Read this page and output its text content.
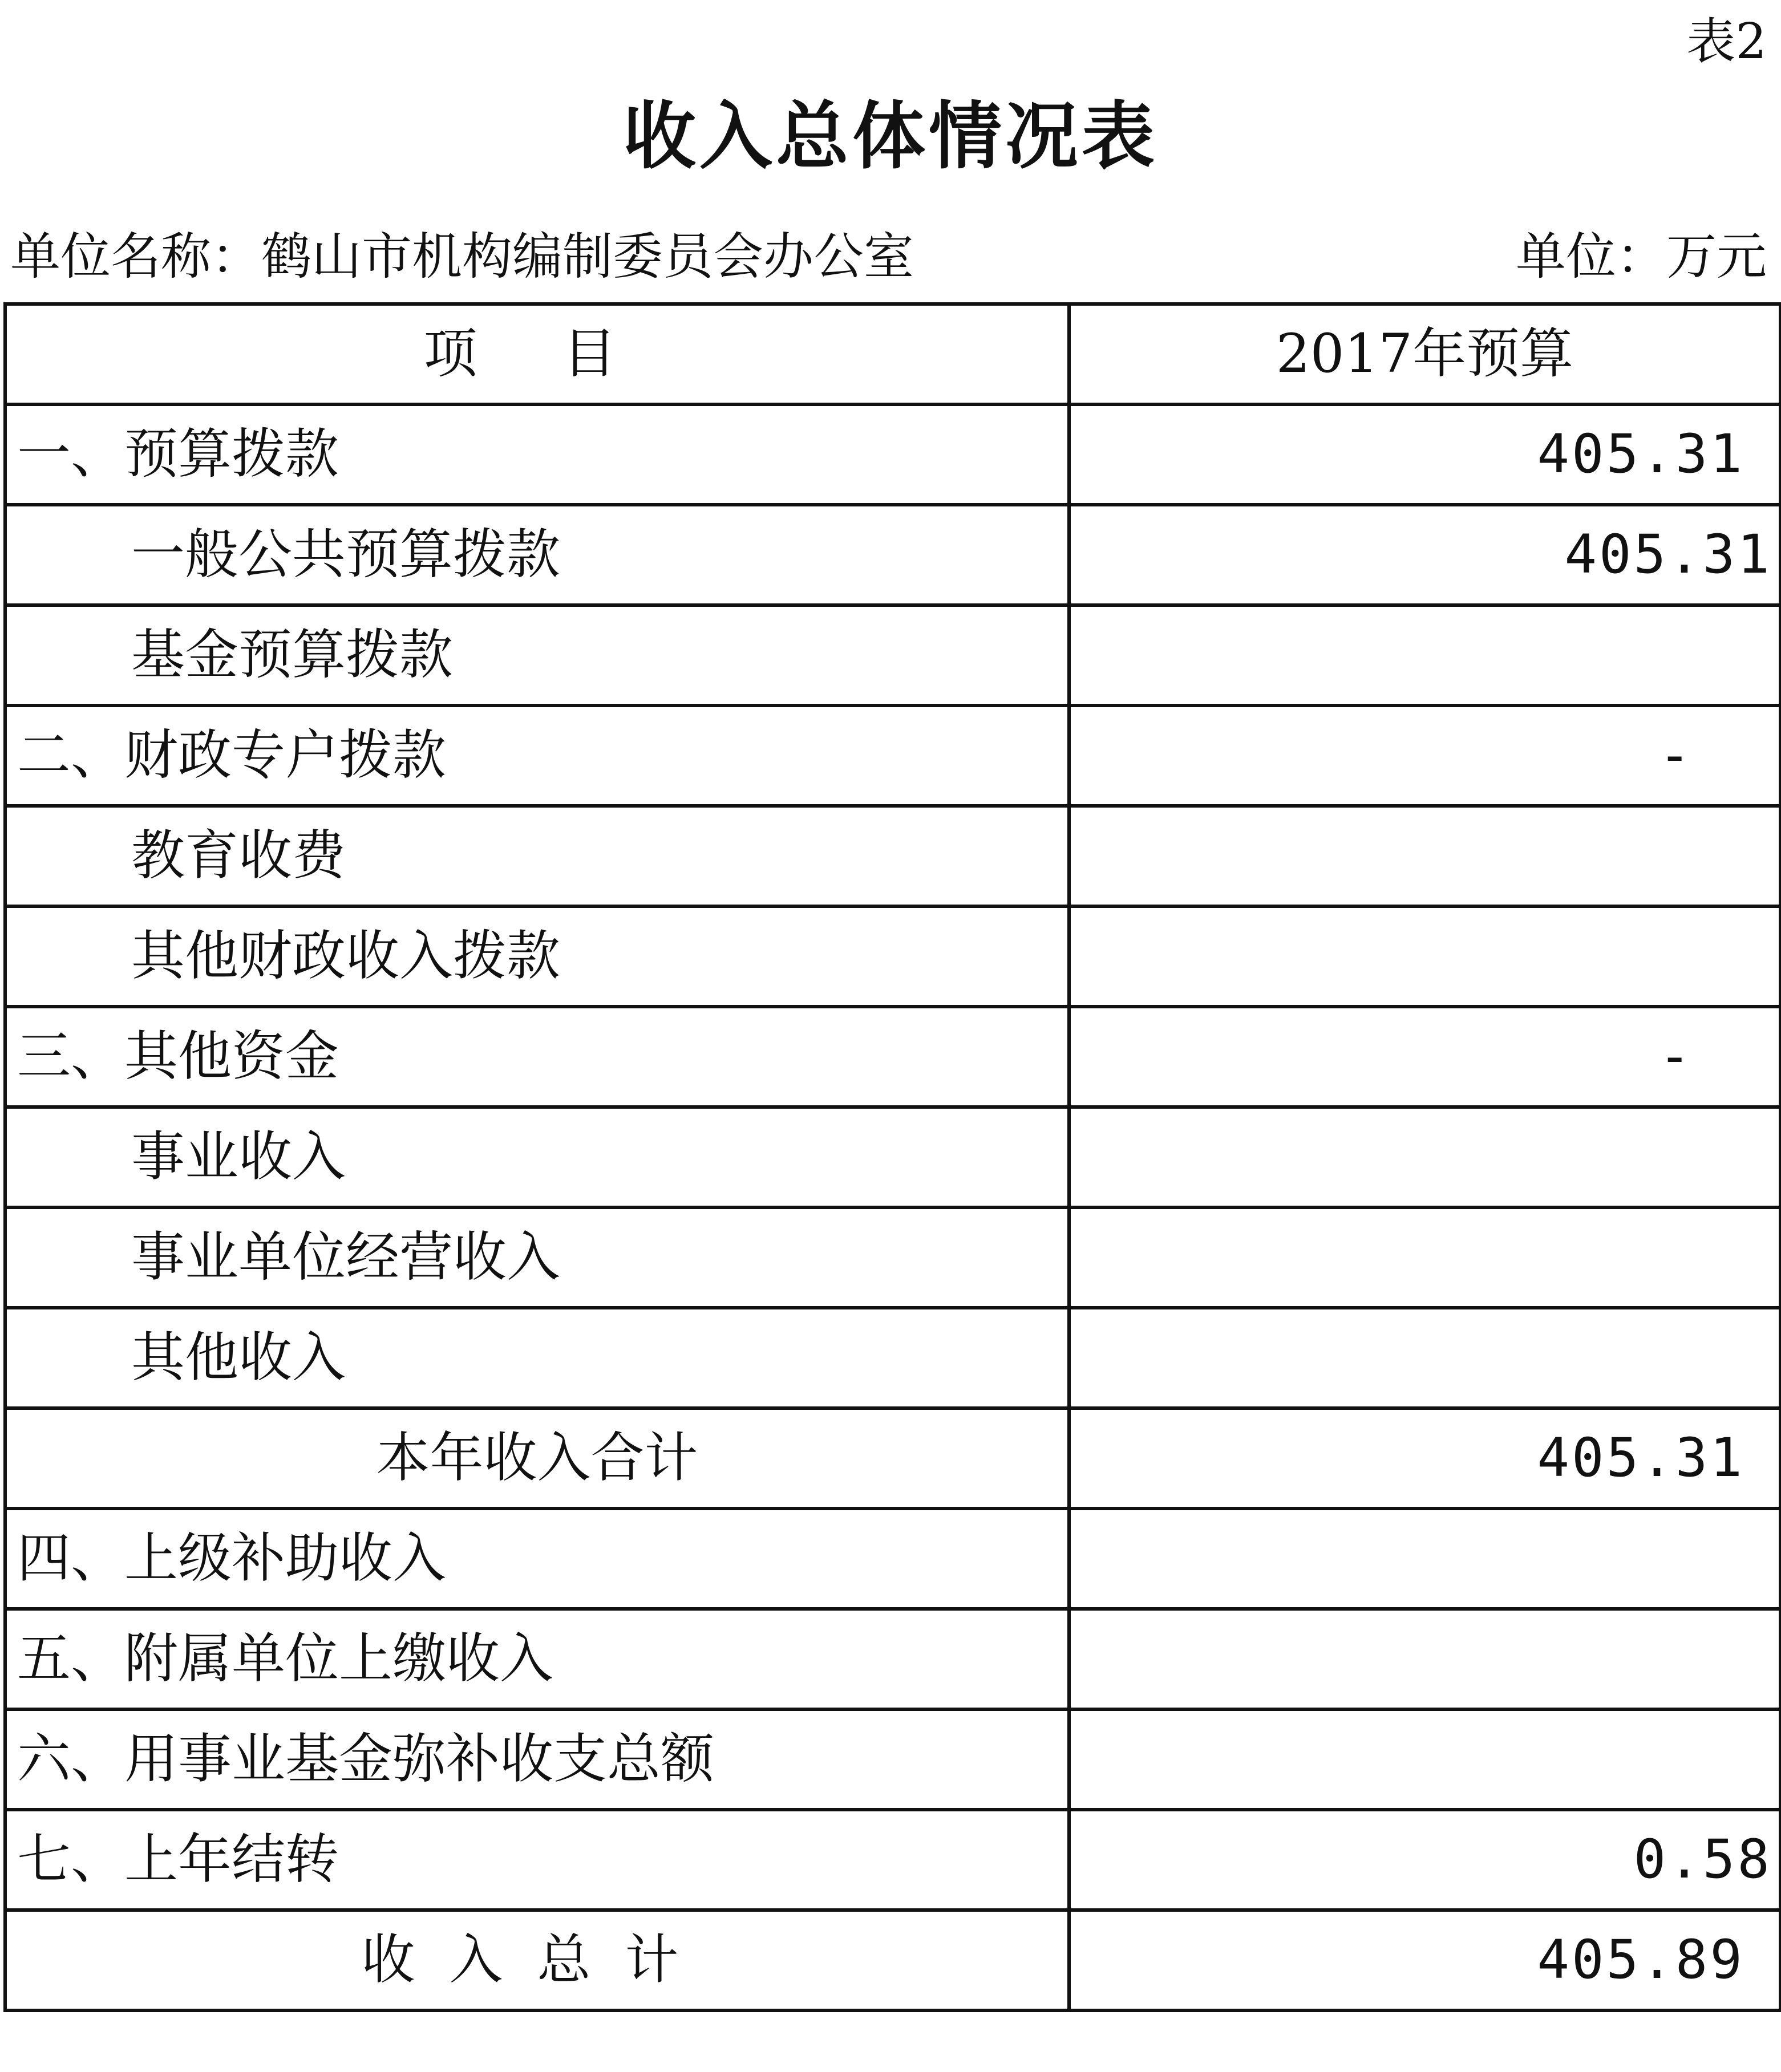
表2
收入总体情况表
单位名称：鹤山市机构编制委员会办公室	单位：万元
项 目	2017年预算
一、预算拨款	405.31
一般公共预算拨款	405.31
基金预算拨款	
二、财政专户拨款	-
教育收费	
其他财政收入拨款	
三、其他资金	-
事业收入	
事业单位经营收入	
其他收入	
本年收入合计	405.31
四、上级补助收入	
五、附属单位上缴收入	
六、用事业基金弥补收支总额	
七、上年结转	0.58
收入总计	405.89
